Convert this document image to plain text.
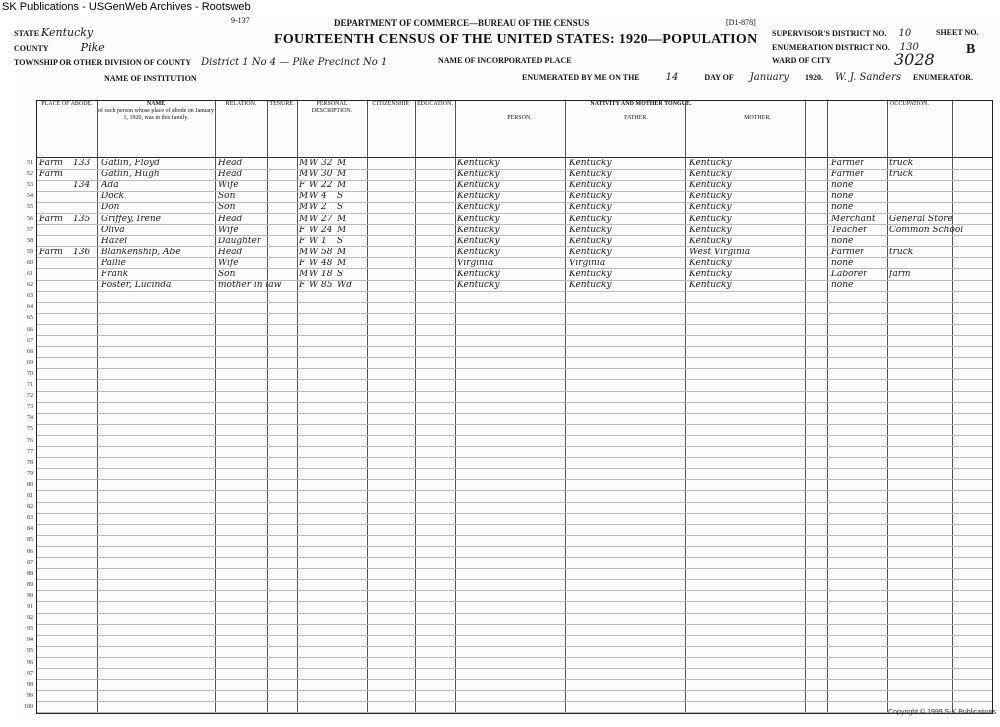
SK Publications - USGenWeb Archives - Rootsweb
9-137	DEPARTMENT OF COMMERCE—BUREAU OF THE CENSUS	[D1-878]
FOURTEENTH CENSUS OF THE UNITED STATES: 1920—POPULATION
STATE Kentucky
COUNTY	Pike
TOWNSHIP OR OTHER DIVISION OF COUNTY District 1 No 4 — Pike Precinct No 1	NAME OF INCORPORATED PLACE
NAME OF INSTITUTION	ENUMERATED BY ME ON THE	14	DAY OF January 1920. W. J. Sanders ENUMERATOR.
SUPERVISOR'S DISTRICT NO. 10
ENUMERATION DISTRICT NO. 130
WARD OF CITY
SHEET NO.
3028
B
PLACE OF ABODE.	NAME
of each person whose place of abode on January 1, 1920, was in this family.
RELATION.	TENURE.	PERSONAL DESCRIPTION.
CITIZENSHIP.	EDUCATION.	NATIVITY AND MOTHER TONGUE.

PERSON.	FATHER.	MOTHER.
OCCUPATION.
51 Farm 133 Gatlin, Floyd	Head	M W 32 M	Kentucky	Kentucky	Kentucky	Farmer	truck
52 Farm	Gatlin, Hugh	Head	M W 30 M	Kentucky	Kentucky	Kentucky	Farmer	truck
53	134 Ada	Wife	F W 22 M	Kentucky	Kentucky	Kentucky	none
54	Dock	Son	M W 4 S	Kentucky	Kentucky	Kentucky	none
55	Don	Son	M W 2 S	Kentucky	Kentucky	Kentucky	none
56 Farm 135 Griffey, Irene	Head	M W 27 M	Kentucky	Kentucky	Kentucky	Merchant General Store
57	Oliva	Wife	F W 24 M	Kentucky	Kentucky	Kentucky	Teacher Common School
58	Hazel	Daughter	F W 1 S	Kentucky	Kentucky	Kentucky	none
59 Farm 136 Blankenship, Abe	Head	M W 58 M	Kentucky	Kentucky	West Virginia	Farmer	truck
60	Pallie	Wife	F W 48 M	Virginia	Virginia	Kentucky	none
61	Frank	Son	M W 18 S	Kentucky	Kentucky	Kentucky	Laborer farm
62	Foster, Lucinda	mother in law F W 85 Wd	Kentucky	Kentucky	Kentucky	none
63
64
65
66
67
68
69
70
71
72
73
74
75
76
77
78
79
80
81
82
83
84
85
86
87
88
89
90
91
92
93
94
95
96
97
98
99
100
Copyright © 1999 S-K Publications
